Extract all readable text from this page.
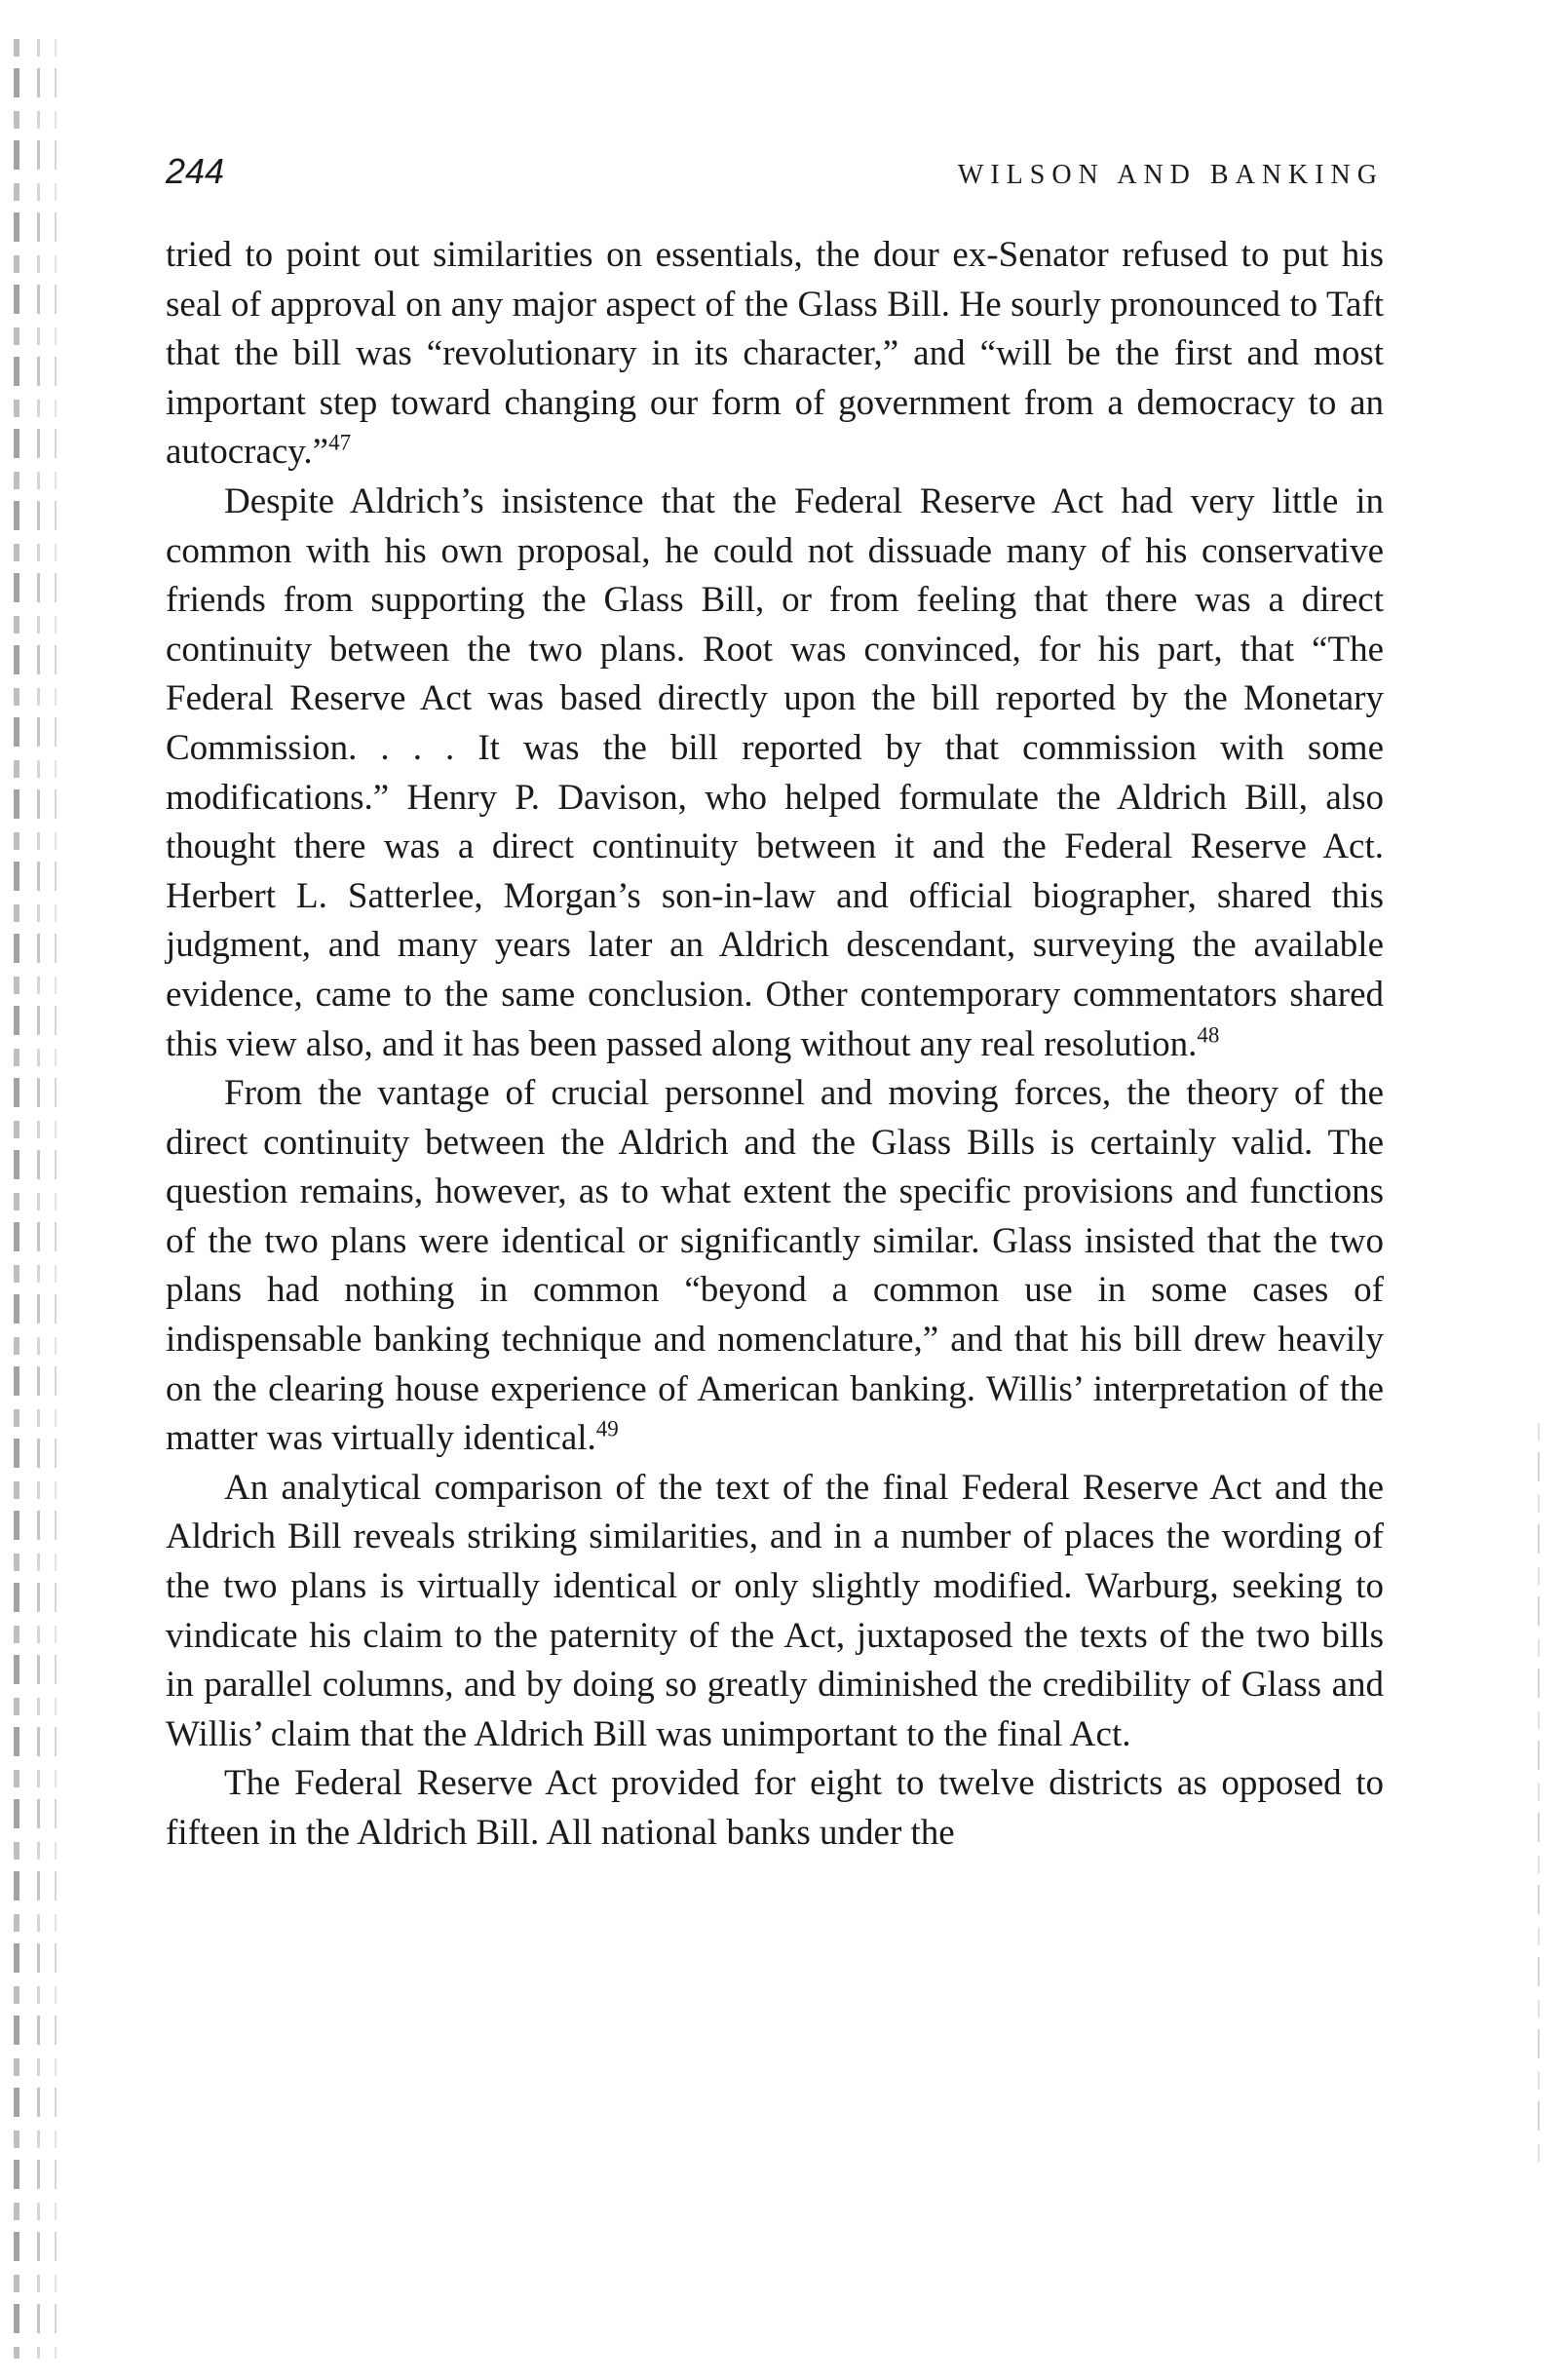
244	WILSON AND BANKING

tried to point out similarities on essentials, the dour ex-Senator refused to put his seal of approval on any major aspect of the Glass Bill. He sourly pronounced to Taft that the bill was “revolutionary in its character,” and “will be the first and most important step toward changing our form of government from a democracy to an autocracy.”$^{47}$

Despite Aldrich’s insistence that the Federal Reserve Act had very little in common with his own proposal, he could not dissuade many of his conservative friends from supporting the Glass Bill, or from feeling that there was a direct continuity between the two plans. Root was convinced, for his part, that “The Federal Reserve Act was based directly upon the bill reported by the Monetary Commission. . . . It was the bill reported by that commission with some modifications.” Henry P. Davison, who helped formulate the Aldrich Bill, also thought there was a direct continuity between it and the Federal Reserve Act. Herbert L. Satterlee, Morgan’s son-in-law and official biographer, shared this judgment, and many years later an Aldrich descendant, surveying the available evidence, came to the same conclusion. Other contemporary commentators shared this view also, and it has been passed along without any real resolution.$^{48}$

From the vantage of crucial personnel and moving forces, the theory of the direct continuity between the Aldrich and the Glass Bills is certainly valid. The question remains, however, as to what extent the specific provisions and functions of the two plans were identical or significantly similar. Glass insisted that the two plans had nothing in common “beyond a common use in some cases of indispensable banking technique and nomenclature,” and that his bill drew heavily on the clearing house experience of American banking. Willis’ interpretation of the matter was virtually identical.$^{49}$

An analytical comparison of the text of the final Federal Reserve Act and the Aldrich Bill reveals striking similarities, and in a number of places the wording of the two plans is virtually identical or only slightly modified. Warburg, seeking to vindicate his claim to the paternity of the Act, juxtaposed the texts of the two bills in parallel columns, and by doing so greatly diminished the credibility of Glass and Willis’ claim that the Aldrich Bill was unimportant to the final Act.

The Federal Reserve Act provided for eight to twelve districts as opposed to fifteen in the Aldrich Bill. All national banks under the
